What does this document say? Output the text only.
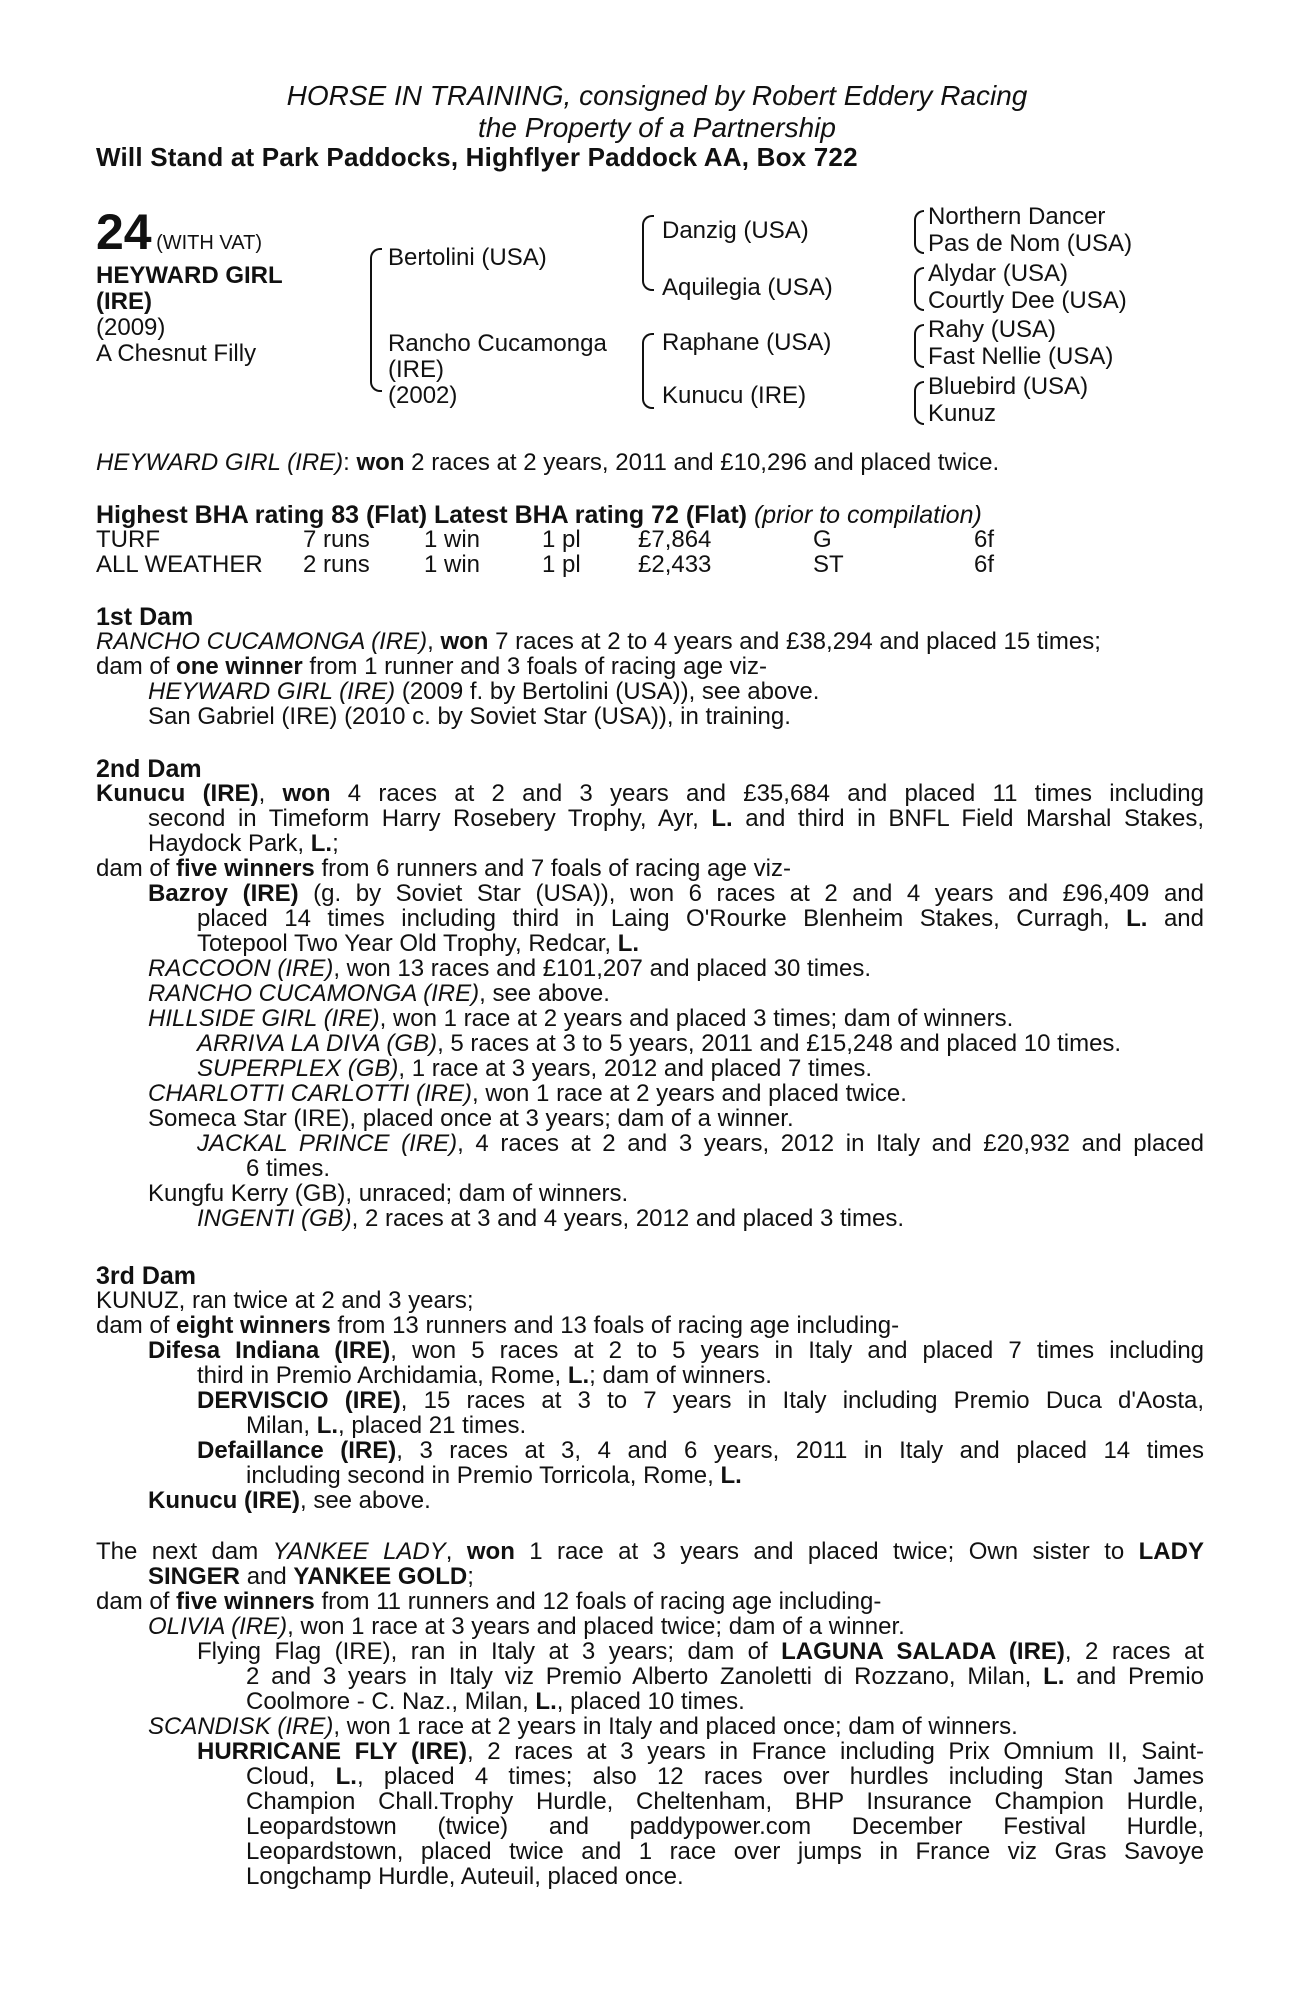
HORSE IN TRAINING, consigned by Robert Eddery Racing
the Property of a Partnership
Will Stand at Park Paddocks, Highflyer Paddock AA, Box 722
24 (WITH VAT)
HEYWARD GIRL
(IRE)
(2009)
A Chesnut Filly
Bertolini (USA)
Rancho Cucamonga
(IRE)
(2002)
Danzig (USA)
Aquilegia (USA)
Raphane (USA)
Kunucu (IRE)
Northern Dancer
Pas de Nom (USA)
Alydar (USA)
Courtly Dee (USA)
Rahy (USA)
Fast Nellie (USA)
Bluebird (USA)
Kunuz
HEYWARD GIRL (IRE): won 2 races at 2 years, 2011 and £10,296 and placed twice.
Highest BHA rating 83 (Flat) Latest BHA rating 72 (Flat) (prior to compilation)
TURF	7 runs 1 win	1 pl £7,864	G	6f
ALL WEATHER 2 runs 1 win	1 pl £2,433	ST	6f
1st Dam
RANCHO CUCAMONGA (IRE), won 7 races at 2 to 4 years and £38,294 and placed 15 times;
dam of one winner from 1 runner and 3 foals of racing age viz-
HEYWARD GIRL (IRE) (2009 f. by Bertolini (USA)), see above.
San Gabriel (IRE) (2010 c. by Soviet Star (USA)), in training.
2nd Dam
Kunucu (IRE), won 4 races at 2 and 3 years and £35,684 and placed 11 times including
second in Timeform Harry Rosebery Trophy, Ayr, L. and third in BNFL Field Marshal Stakes,
Haydock Park, L.;
dam of five winners from 6 runners and 7 foals of racing age viz-
Bazroy (IRE) (g. by Soviet Star (USA)), won 6 races at 2 and 4 years and £96,409 and
placed 14 times including third in Laing O'Rourke Blenheim Stakes, Curragh, L. and
Totepool Two Year Old Trophy, Redcar, L.
RACCOON (IRE), won 13 races and £101,207 and placed 30 times.
RANCHO CUCAMONGA (IRE), see above.
HILLSIDE GIRL (IRE), won 1 race at 2 years and placed 3 times; dam of winners.
ARRIVA LA DIVA (GB), 5 races at 3 to 5 years, 2011 and £15,248 and placed 10 times.
SUPERPLEX (GB), 1 race at 3 years, 2012 and placed 7 times.
CHARLOTTI CARLOTTI (IRE), won 1 race at 2 years and placed twice.
Someca Star (IRE), placed once at 3 years; dam of a winner.
JACKAL PRINCE (IRE), 4 races at 2 and 3 years, 2012 in Italy and £20,932 and placed
6 times.
Kungfu Kerry (GB), unraced; dam of winners.
INGENTI (GB), 2 races at 3 and 4 years, 2012 and placed 3 times.
3rd Dam
KUNUZ, ran twice at 2 and 3 years;
dam of eight winners from 13 runners and 13 foals of racing age including-
Difesa Indiana (IRE), won 5 races at 2 to 5 years in Italy and placed 7 times including
third in Premio Archidamia, Rome, L.; dam of winners.
DERVISCIO (IRE), 15 races at 3 to 7 years in Italy including Premio Duca d'Aosta,
Milan, L., placed 21 times.
Defaillance (IRE), 3 races at 3, 4 and 6 years, 2011 in Italy and placed 14 times
including second in Premio Torricola, Rome, L.
Kunucu (IRE), see above.
The next dam YANKEE LADY, won 1 race at 3 years and placed twice; Own sister to LADY
SINGER and YANKEE GOLD;
dam of five winners from 11 runners and 12 foals of racing age including-
OLIVIA (IRE), won 1 race at 3 years and placed twice; dam of a winner.
Flying Flag (IRE), ran in Italy at 3 years; dam of LAGUNA SALADA (IRE), 2 races at
2 and 3 years in Italy viz Premio Alberto Zanoletti di Rozzano, Milan, L. and Premio
Coolmore - C. Naz., Milan, L., placed 10 times.
SCANDISK (IRE), won 1 race at 2 years in Italy and placed once; dam of winners.
HURRICANE FLY (IRE), 2 races at 3 years in France including Prix Omnium II, Saint-
Cloud, L., placed 4 times; also 12 races over hurdles including Stan James
Champion Chall.Trophy Hurdle, Cheltenham, BHP Insurance Champion Hurdle,
Leopardstown (twice) and paddypower.com December Festival Hurdle,
Leopardstown, placed twice and 1 race over jumps in France viz Gras Savoye
Longchamp Hurdle, Auteuil, placed once.
